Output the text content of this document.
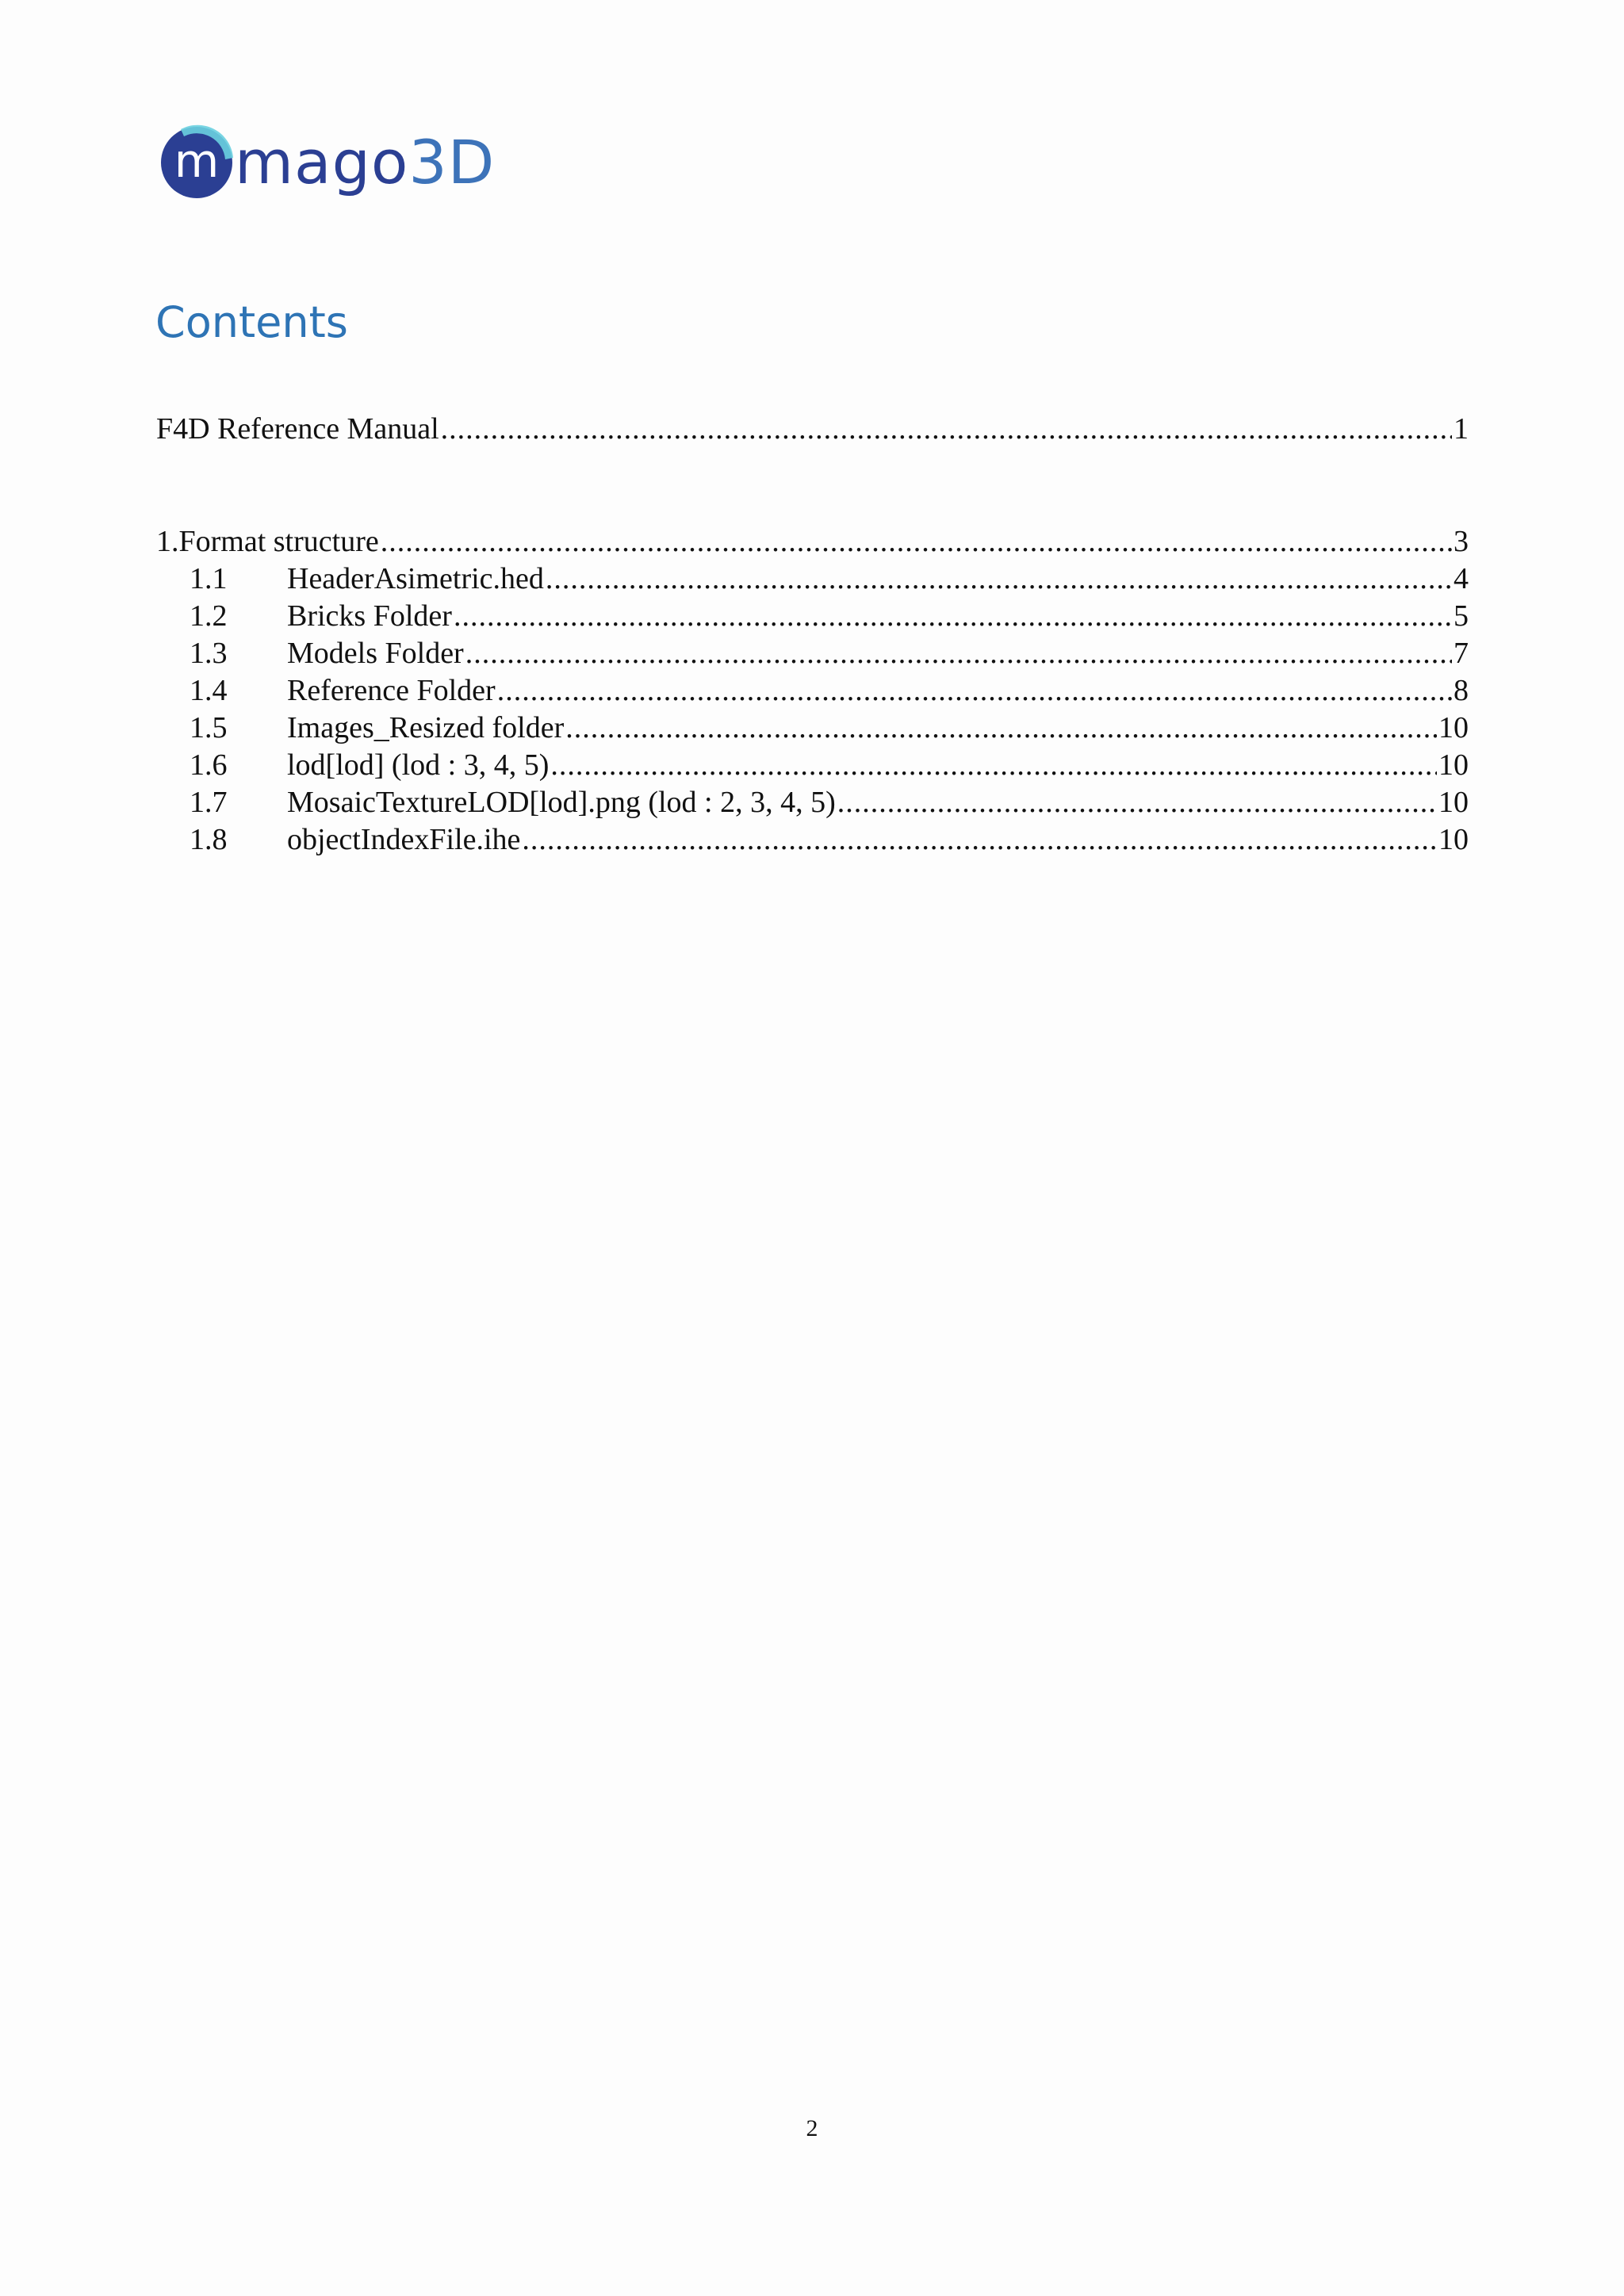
m mago3D
Contents
F4D Reference Manual .....	1
1.Format structure .....	3
1.1	HeaderAsimetric.hed .....	4
1.2	Bricks Folder .....	5
1.3	Models Folder .....	7
1.4	Reference Folder .....	8
1.5	Images_Resized folder .....	10
1.6	lod[lod] (lod : 3, 4, 5) .....	10
1.7	MosaicTextureLOD[lod].png (lod : 2, 3, 4, 5) .....	10
1.8	objectIndexFile.ihe .....	10
2
